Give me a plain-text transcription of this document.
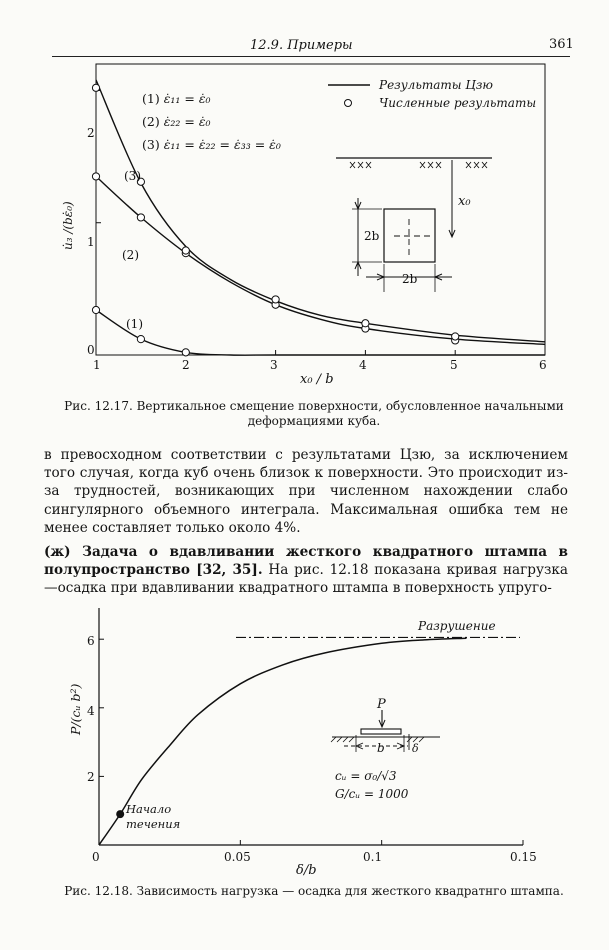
12.9. Примеры	361
1	2	3	4	5	6
0
1
2
x₀ / b
u̇₃ /(bε̇₀)
Результаты Цзю
Численные результаты
(1) ε̇₁₁ = ε̇₀
(2) ε̇₂₂ = ε̇₀
(3) ε̇₁₁ = ε̇₂₂ = ε̇₃₃ = ε̇₀
(3)
(2)
(1)
x₀
2b
2b
Рис. 12.17. Вертикальное смещение поверхности, обусловленное начальными деформациями куба.

в превосходном соответствии с результатами Цзю, за исключением того случая, когда куб очень близок к поверхности. Это происходит из-за трудностей, возникающих при численном нахождении слабо сингулярного объемного интеграла. Максимальная ошибка тем не менее составляет только около 4%.

(ж) Задача о вдавливании жесткого квадратного штампа в полупространство [32, 35]. На рис. 12.18 показана кривая нагрузка—осадка при вдавливании квадратного штампа в поверхность упруго-

0	0.05	0.1	0.15
2
4
6
δ/b
P/(cᵤ b²)
Разрушение
Начало
течения
P
b δ
cᵤ = σ₀/√3
G/cᵤ = 1000
Рис. 12.18. Зависимость нагрузка — осадка для жесткого квадратнго штампа.
